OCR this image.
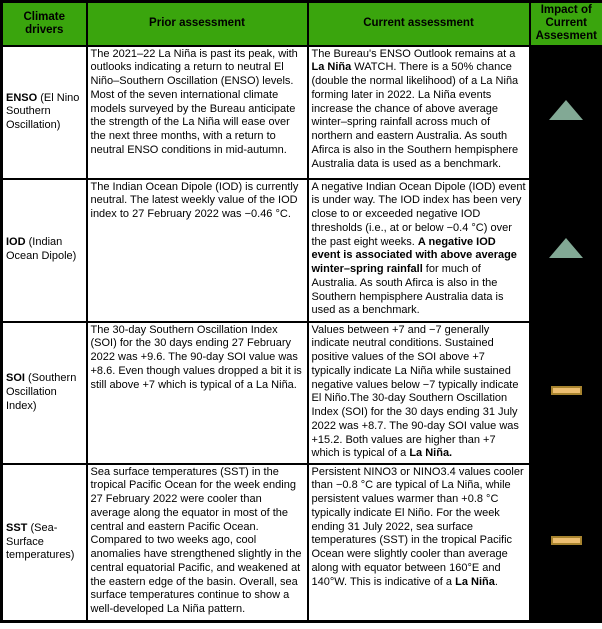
Climate drivers	Prior assessment	Current assessment	Impact of Current Assesment
ENSO (El Nino Southern Oscillation)	The 2021–22 La Niña is past its peak, with outlooks indicating a return to neutral El Niño–Southern Oscillation (ENSO) levels. Most of the seven international climate models surveyed by the Bureau anticipate the strength of the La Niña will ease over the next three months, with a return to neutral ENSO conditions in mid-autumn.	The Bureau's ENSO Outlook remains at a La Niña WATCH. There is a 50% chance (double the normal likelihood) of a La Niña forming later in 2022. La Niña events increase the chance of above average winter–spring rainfall across much of northern and eastern Australia. As south Afirca is also in the Southern hempisphere Australia data is used as a benchmark.	
IOD (Indian Ocean Dipole)	The Indian Ocean Dipole (IOD) is currently neutral. The latest weekly value of the IOD index to 27 February 2022 was −0.46 °C.	A negative Indian Ocean Dipole (IOD) event is under way. The IOD index has been very close to or exceeded negative IOD thresholds (i.e., at or below −0.4 °C) over the past eight weeks. A negative IOD event is associated with above average winter–spring rainfall for much of Australia. As south Afirca is also in the Southern hempisphere Australia data is used as a benchmark.	
SOI (Southern Oscillation Index)	The 30-day Southern Oscillation Index (SOI) for the 30 days ending 27 February 2022 was +9.6. The 90-day SOI value was +8.6. Even though values dropped a bit it is still above +7 which is typical of a La Niña.	Values between +7 and −7 generally indicate neutral conditions. Sustained positive values of the SOI above +7 typically indicate La Niña while sustained negative values below −7 typically indicate El Niño.The 30-day Southern Oscillation Index (SOI) for the 30 days ending 31 July 2022 was +8.7. The 90-day SOI value was +15.2. Both values are higher than +7 which is typical of a La Niña.	
SST (Sea-Surface temperatures)	Sea surface temperatures (SST) in the tropical Pacific Ocean for the week ending 27 February 2022 were cooler than average along the equator in most of the central and eastern Pacific Ocean. Compared to two weeks ago, cool anomalies have strengthened slightly in the central equatorial Pacific, and weakened at the eastern edge of the basin. Overall, sea surface temperatures continue to show a well-developed La Niña pattern.	Persistent NINO3 or NINO3.4 values cooler than −0.8 °C are typical of La Niña, while persistent values warmer than +0.8 °C typically indicate El Niño. For the week ending 31 July 2022, sea surface temperatures (SST) in the tropical Pacific Ocean were slightly cooler than average along with equator between 160°E and 140°W. This is indicative of a La Niña.	
